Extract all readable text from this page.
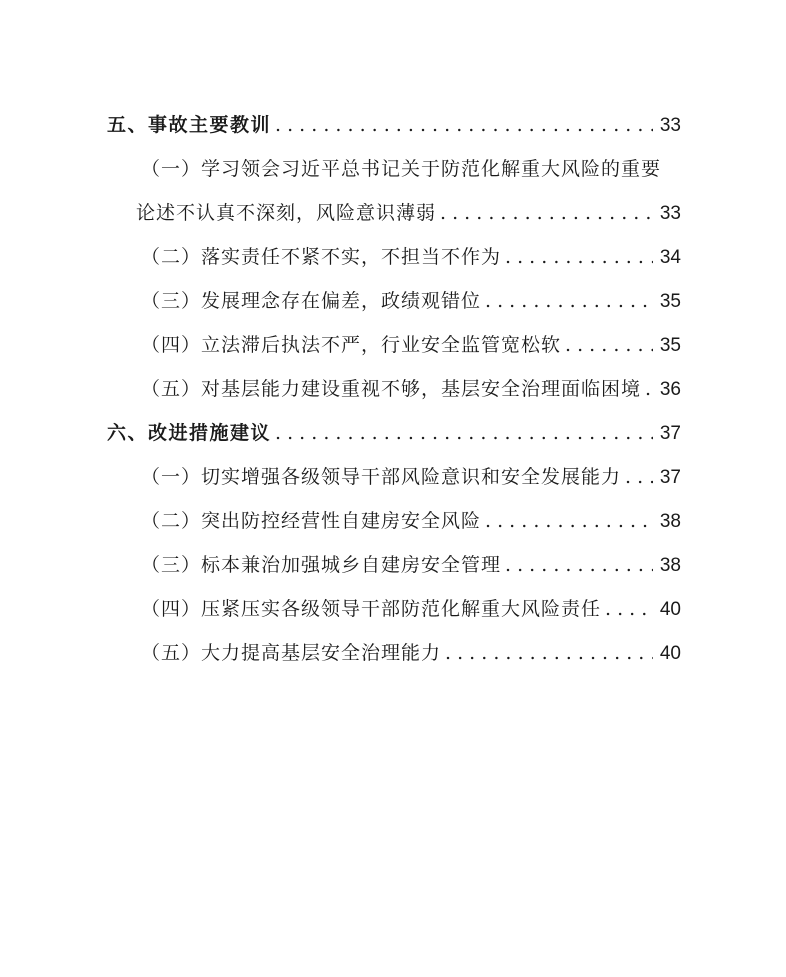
五、事故主要教训 . . .	33
（一）学习领会习近平总书记关于防范化解重大风险的重要
论述不认真不深刻，风险意识薄弱 . . .	33
（二）落实责任不紧不实，不担当不作为 . . .	34
（三）发展理念存在偏差，政绩观错位 . . .	35
（四）立法滞后执法不严，行业安全监管宽松软 . . .	35
（五）对基层能力建设重视不够，基层安全治理面临困境 . . . 36
六、改进措施建议 . . .	37
（一）切实增强各级领导干部风险意识和安全发展能力 . . . 37
（二）突出防控经营性自建房安全风险 . . .	38
（三）标本兼治加强城乡自建房安全管理 . . .	38
（四）压紧压实各级领导干部防范化解重大风险责任 . . .	40
（五）大力提高基层安全治理能力 . . .	40
